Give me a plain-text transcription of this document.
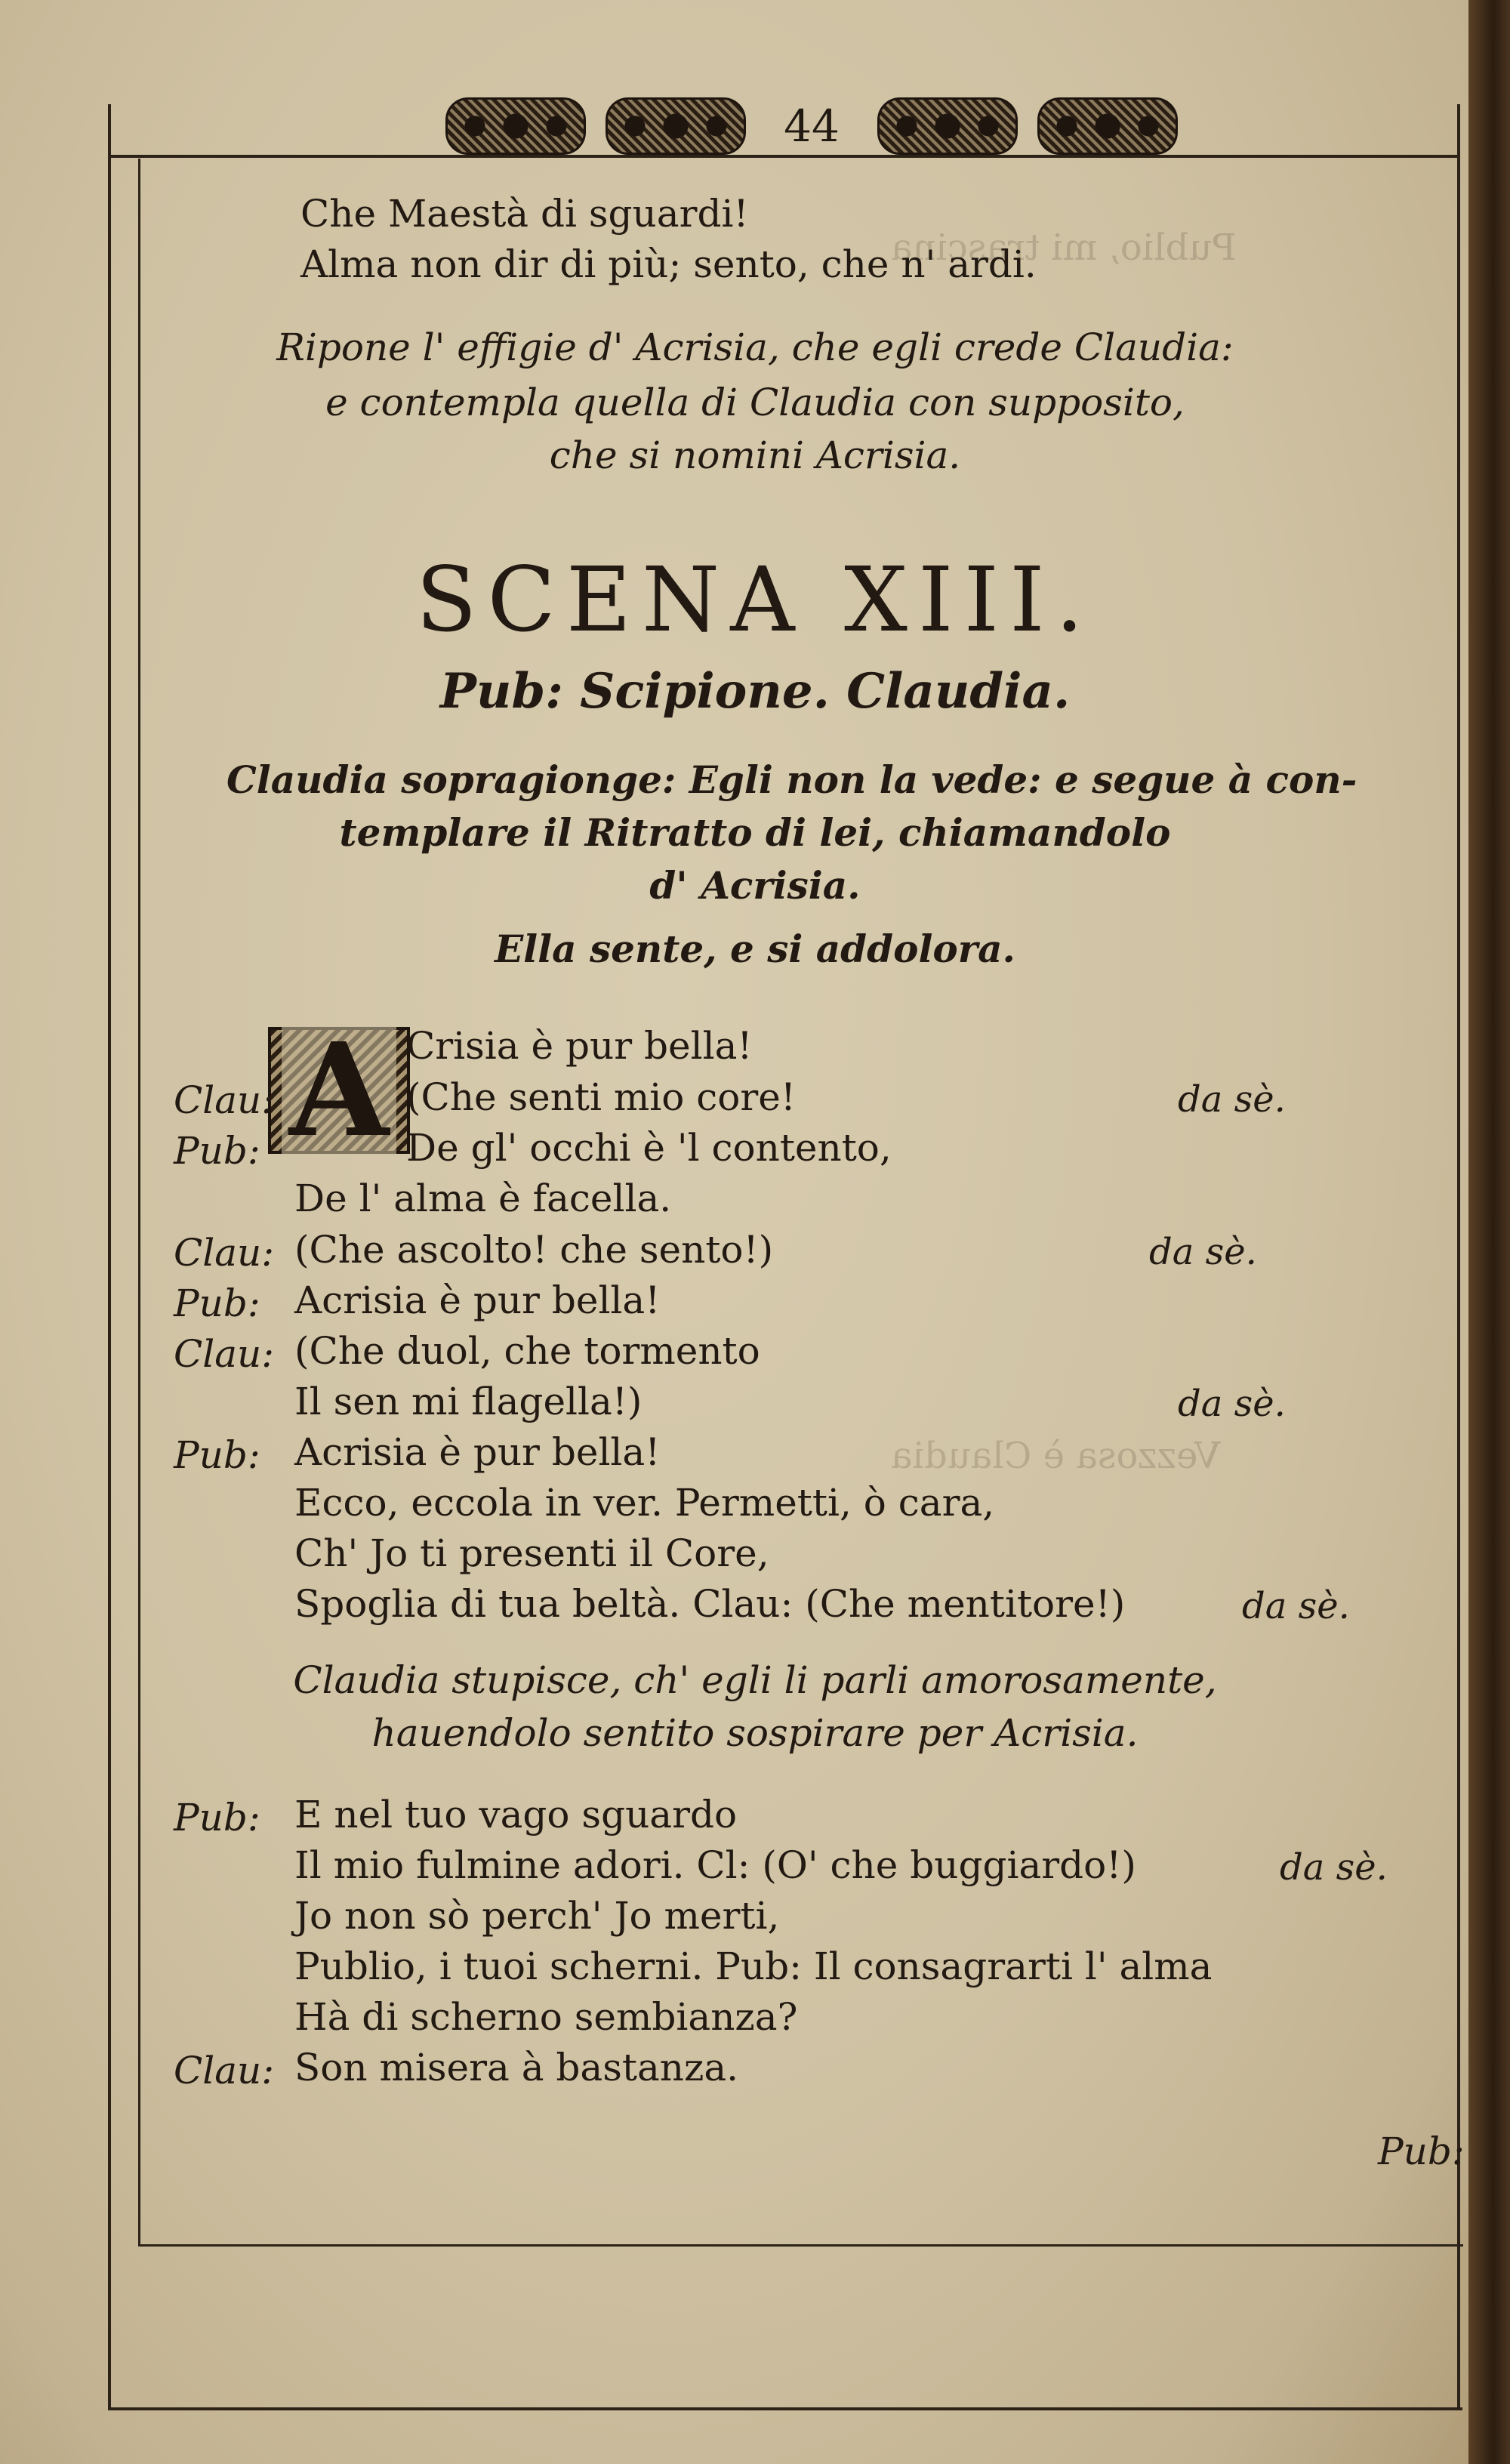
Publio, mi trascina
Vezzosa è Claudia
44
Che Maestà di sguardi!
Alma non dir di più; sento, che n' ardi.
Ripone l' effigie d' Acrisia, che egli crede Claudia:
e contempla quella di Claudia con supposito,
che si nomini Acrisia.
SCENA XIII.
Pub: Scipione. Claudia.
Claudia sopragionge: Egli non la vede: e segue à con-
templare il Ritratto di lei, chiamandolo
d' Acrisia.
Ella sente, e si addolora.
A Crisia è pur bella!
Clau:	(Che senti mio core!	da sè.
Pub:	De gl' occhi è 'l contento,
De l' alma è facella.
Clau: (Che ascolto! che sento!)	da sè.
Pub: Acrisia è pur bella!
Clau: (Che duol, che tormento
Il sen mi flagella!)	da sè.
Pub: Acrisia è pur bella!
Ecco, eccola in ver. Permetti, ò cara,
Ch' Jo ti presenti il Core,
Spoglia di tua beltà. Clau: (Che mentitore!)	da sè.
Claudia stupisce, ch' egli li parli amorosamente,
hauendolo sentito sospirare per Acrisia.
Pub: E nel tuo vago sguardo
Il mio fulmine adori. Cl: (O' che buggiardo!)	da sè.
Jo non sò perch' Jo merti,
Publio, i tuoi scherni. Pub: Il consagrarti l' alma
Hà di scherno sembianza?
Clau: Son misera à bastanza.
Pub:
